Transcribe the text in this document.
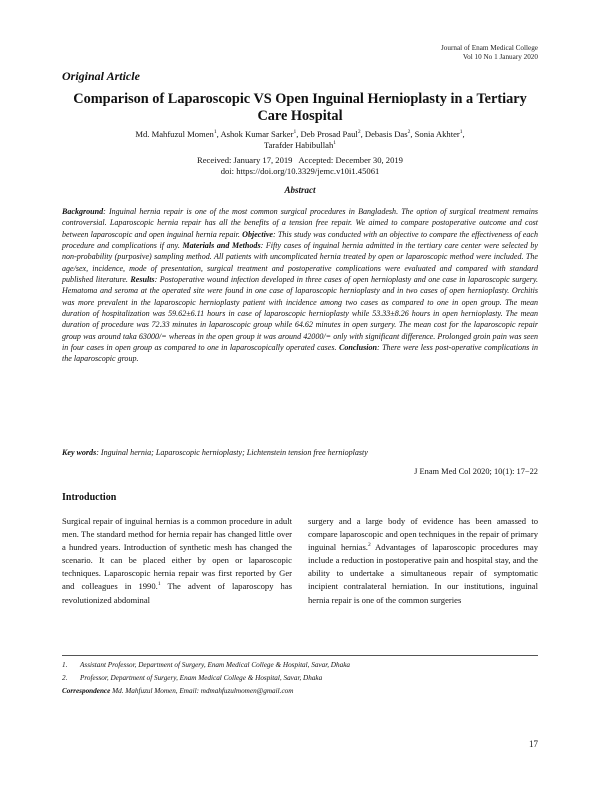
Journal of Enam Medical College
Vol 10 No 1 January 2020
Original Article
Comparison of Laparoscopic VS Open Inguinal Hernioplasty in a Tertiary Care Hospital
Md. Mahfuzul Momen$^1$, Ashok Kumar Sarker$^1$, Deb Prosad Paul$^2$, Debasis Das$^2$, Sonia Akhter$^1$,
Tarafder Habibullah$^1$
Received: January 17, 2019 Accepted: December 30, 2019
doi: https://doi.org/10.3329/jemc.v10i1.45061
Abstract
Background: Inguinal hernia repair is one of the most common surgical procedures in Bangladesh. The option of surgical treatment remains controversial. Laparoscopic hernia repair has all the benefits of a tension free repair. We aimed to compare postoperative outcome and cost between laparoscopic and open inguinal hernia repair. Objective: This study was conducted with an objective to compare the effectiveness of each procedure and complications if any. Materials and Methods: Fifty cases of inguinal hernia admitted in the tertiary care center were selected by non-probability (purposive) sampling method. All patients with uncomplicated hernia treated by open or laparoscopic method were included. The age/sex, incidence, mode of presentation, surgical treatment and postoperative complications were evaluated and compared with standard published literature. Results: Postoperative wound infection developed in three cases of open hernioplasty and one case in laparoscopic surgery. Hematoma and seroma at the operated site were found in one case of laparoscopic hernioplasty and in two cases of open hernioplasty. Orchitis was more prevalent in the laparoscopic hernioplasty patient with incidence among two cases as compared to one in open group. The mean duration of hospitalization was 59.62±6.11 hours in case of laparoscopic hernioplasty while 53.33±8.26 hours in open hernioplasty. The mean duration of procedure was 72.33 minutes in laparoscopic group while 64.62 minutes in open surgery. The mean cost for the laparoscopic repair group was around taka 63000/= whereas in the open group it was around 42000/= only with significant difference. Prolonged groin pain was seen in four cases in open group as compared to one in laparoscopically operated cases. Conclusion: There were less post-operative complications in the laparoscopic group.
Key words: Inguinal hernia; Laparoscopic hernioplasty; Lichtenstein tension free hernioplasty
J Enam Med Col 2020; 10(1): 17−22
Introduction
Surgical repair of inguinal hernias is a common procedure in adult men. The standard method for hernia repair has changed little over a hundred years. Introduction of synthetic mesh has changed the scenario. It can be placed either by open or laparoscopic techniques. Laparoscopic hernia repair was first reported by Ger and colleagues in 1990.$^1$ The advent of laparoscopy has revolutionized abdominal
surgery and a large body of evidence has been amassed to compare laparoscopic and open techniques in the repair of primary inguinal hernias.$^2$ Advantages of laparoscopic procedures may include a reduction in postoperative pain and hospital stay, and the ability to undertake a simultaneous repair of symptomatic incipient contralateral herniation. In our institutions, inguinal hernia repair is one of the common surgeries
1.	Assistant Professor, Department of Surgery, Enam Medical College & Hospital, Savar, Dhaka
2.	Professor, Department of Surgery, Enam Medical College & Hospital, Savar, Dhaka
Correspondence Md. Mahfuzul Momen, Email: mdmahfuzulmomen@gmail.com
17
